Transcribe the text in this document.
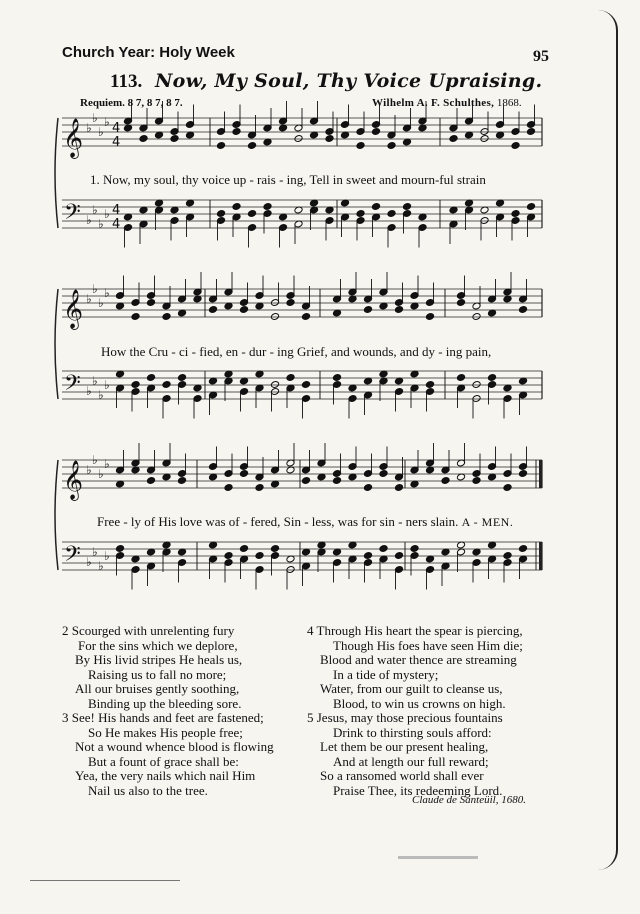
Church Year: Holy Week	95
113. Now, My Soul, Thy Voice Upraising.
Requiem. 8 7, 8 7, 8 7.	Wilhelm A. F. Schulthes, 1868.
𝄞 ♭
♭
♭
♭ 4
4
𝄢 ♭
♭
♭
♭ 4
4
𝄞 ♭
♭
♭
♭
𝄢 ♭
♭
♭
♭
𝄞 ♭
♭
♭
♭
𝄢 ♭
♭
♭
♭
1. Now, my soul, thy voice up - rais - ing, Tell in sweet and mourn-ful strain
How the Cru - ci - fied, en - dur - ing Grief, and wounds, and dy - ing pain,
Free - ly of His love was of - fered, Sin - less, was for sin - ners slain. A - MEN.
2 Scourged with unrelenting fury
For the sins which we deplore,
By His livid stripes He heals us,
Raising us to fall no more;
All our bruises gently soothing,
Binding up the bleeding sore.
3 See! His hands and feet are fastened;
So He makes His people free;
Not a wound whence blood is flowing
But a fount of grace shall be:
Yea, the very nails which nail Him
Nail us also to the tree.
4 Through His heart the spear is piercing,
Though His foes have seen Him die;
Blood and water thence are streaming
In a tide of mystery;
Water, from our guilt to cleanse us,
Blood, to win us crowns on high.
5 Jesus, may those precious fountains
Drink to thirsting souls afford:
Let them be our present healing,
And at length our full reward;
So a ransomed world shall ever
Praise Thee, its redeeming Lord.
Claude de Santeüil, 1680.
